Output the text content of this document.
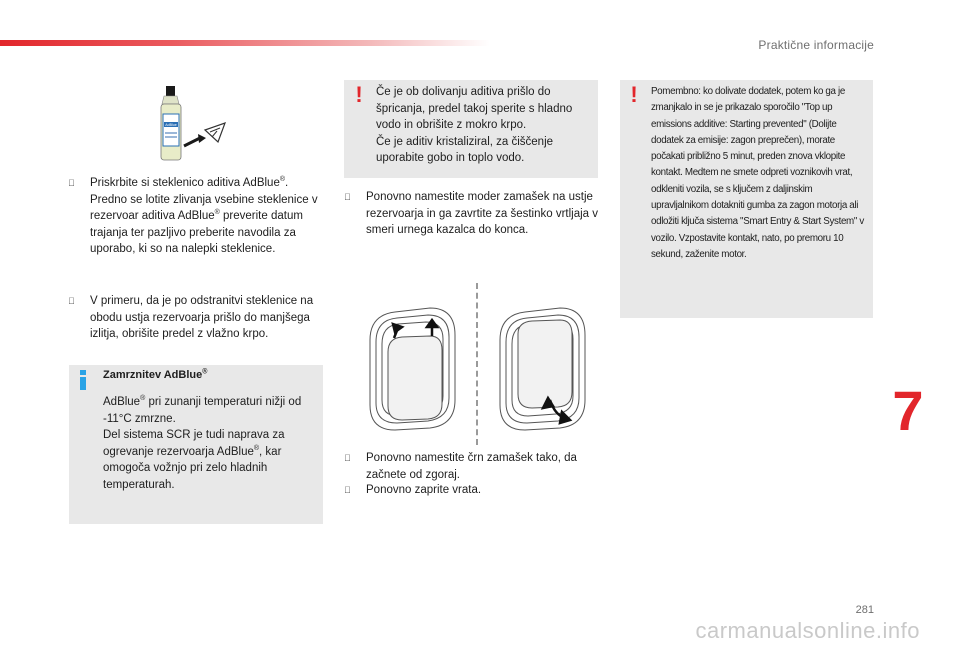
Praktične informacije
AdBlue
Priskrbite si steklenico aditiva AdBlue®.
Predno se lotite zlivanja vsebine steklenice v rezervoar aditiva AdBlue® preverite datum trajanja ter pazljivo preberite navodila za uporabo, ki so na nalepki steklenice.
V primeru, da je po odstranitvi steklenice na obodu ustja rezervoarja prišlo do manjšega izlitja, obrišite predel z vlažno krpo.
Zamrznitev AdBlue®
AdBlue® pri zunanji temperaturi nižji od -11°C zmrzne.
Del sistema SCR je tudi naprava za ogrevanje rezervoarja AdBlue®, kar omogoča vožnjo pri zelo hladnih temperaturah.
! Če je ob dolivanju aditiva prišlo do špricanja, predel takoj sperite s hladno vodo in obrišite z mokro krpo.
Če je aditiv kristaliziral, za čiščenje uporabite gobo in toplo vodo.
Ponovno namestite moder zamašek na ustje rezervoarja in ga zavrtite za šestinko vrtljaja v smeri urnega kazalca do konca.
Ponovno namestite črn zamašek tako, da začnete od zgoraj.
Ponovno zaprite vrata.
! Pomembno: ko dolivate dodatek, potem ko ga je zmanjkalo in se je prikazalo sporočilo "Top up emissions additive: Starting prevented" (Dolijte dodatek za emisije: zagon preprečen), morate počakati približno 5 minut, preden znova vklopite kontakt. Medtem ne smete odpreti voznikovih vrat, odkleniti vozila, se s ključem z daljinskim upravljalnikom dotakniti gumba za zagon motorja ali odložiti ključa sistema "Smart Entry & Start System" v vozilo. Vzpostavite kontakt, nato, po premoru 10 sekund, zaženite motor.
7
281
carmanualsonline.info
